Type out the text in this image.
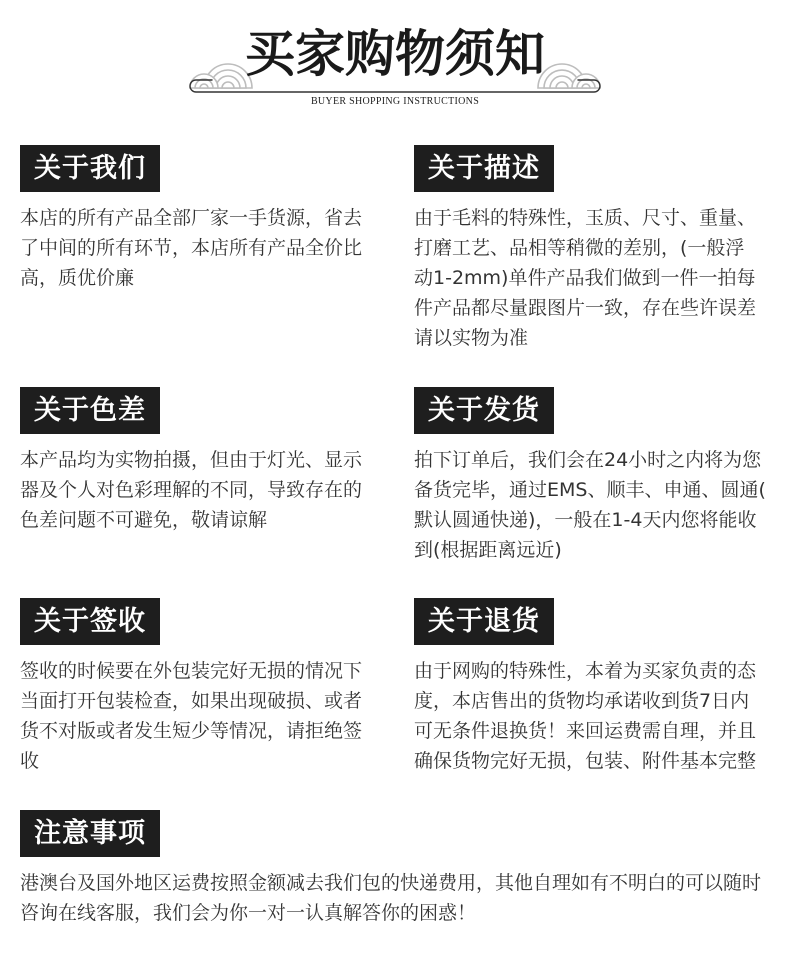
买家购物须知
BUYER SHOPPING INSTRUCTIONS
关于我们
本店的所有产品全部厂家一手货源，省去
了中间的所有环节，本店所有产品全价比
高，质优价廉
关于描述
由于毛料的特殊性，玉质、尺寸、重量、
打磨工艺、品相等稍微的差别，(一般浮
动1-2mm)单件产品我们做到一件一拍每
件产品都尽量跟图片一致，存在些许误差
请以实物为准
关于色差
本产品均为实物拍摄，但由于灯光、显示
器及个人对色彩理解的不同，导致存在的
色差问题不可避免，敬请谅解
关于发货
拍下订单后，我们会在24小时之内将为您
备货完毕，通过EMS、顺丰、申通、圆通(
默认圆通快递)，一般在1-4天内您将能收
到(根据距离远近)
关于签收
签收的时候要在外包装完好无损的情况下
当面打开包装检查，如果出现破损、或者
货不对版或者发生短少等情况，请拒绝签
收
关于退货
由于网购的特殊性，本着为买家负责的态
度，本店售出的货物均承诺收到货7日内
可无条件退换货！来回运费需自理，并且
确保货物完好无损，包装、附件基本完整
注意事项
港澳台及国外地区运费按照金额减去我们包的快递费用，其他自理如有不明白的可以随时
咨询在线客服，我们会为你一对一认真解答你的困惑！
